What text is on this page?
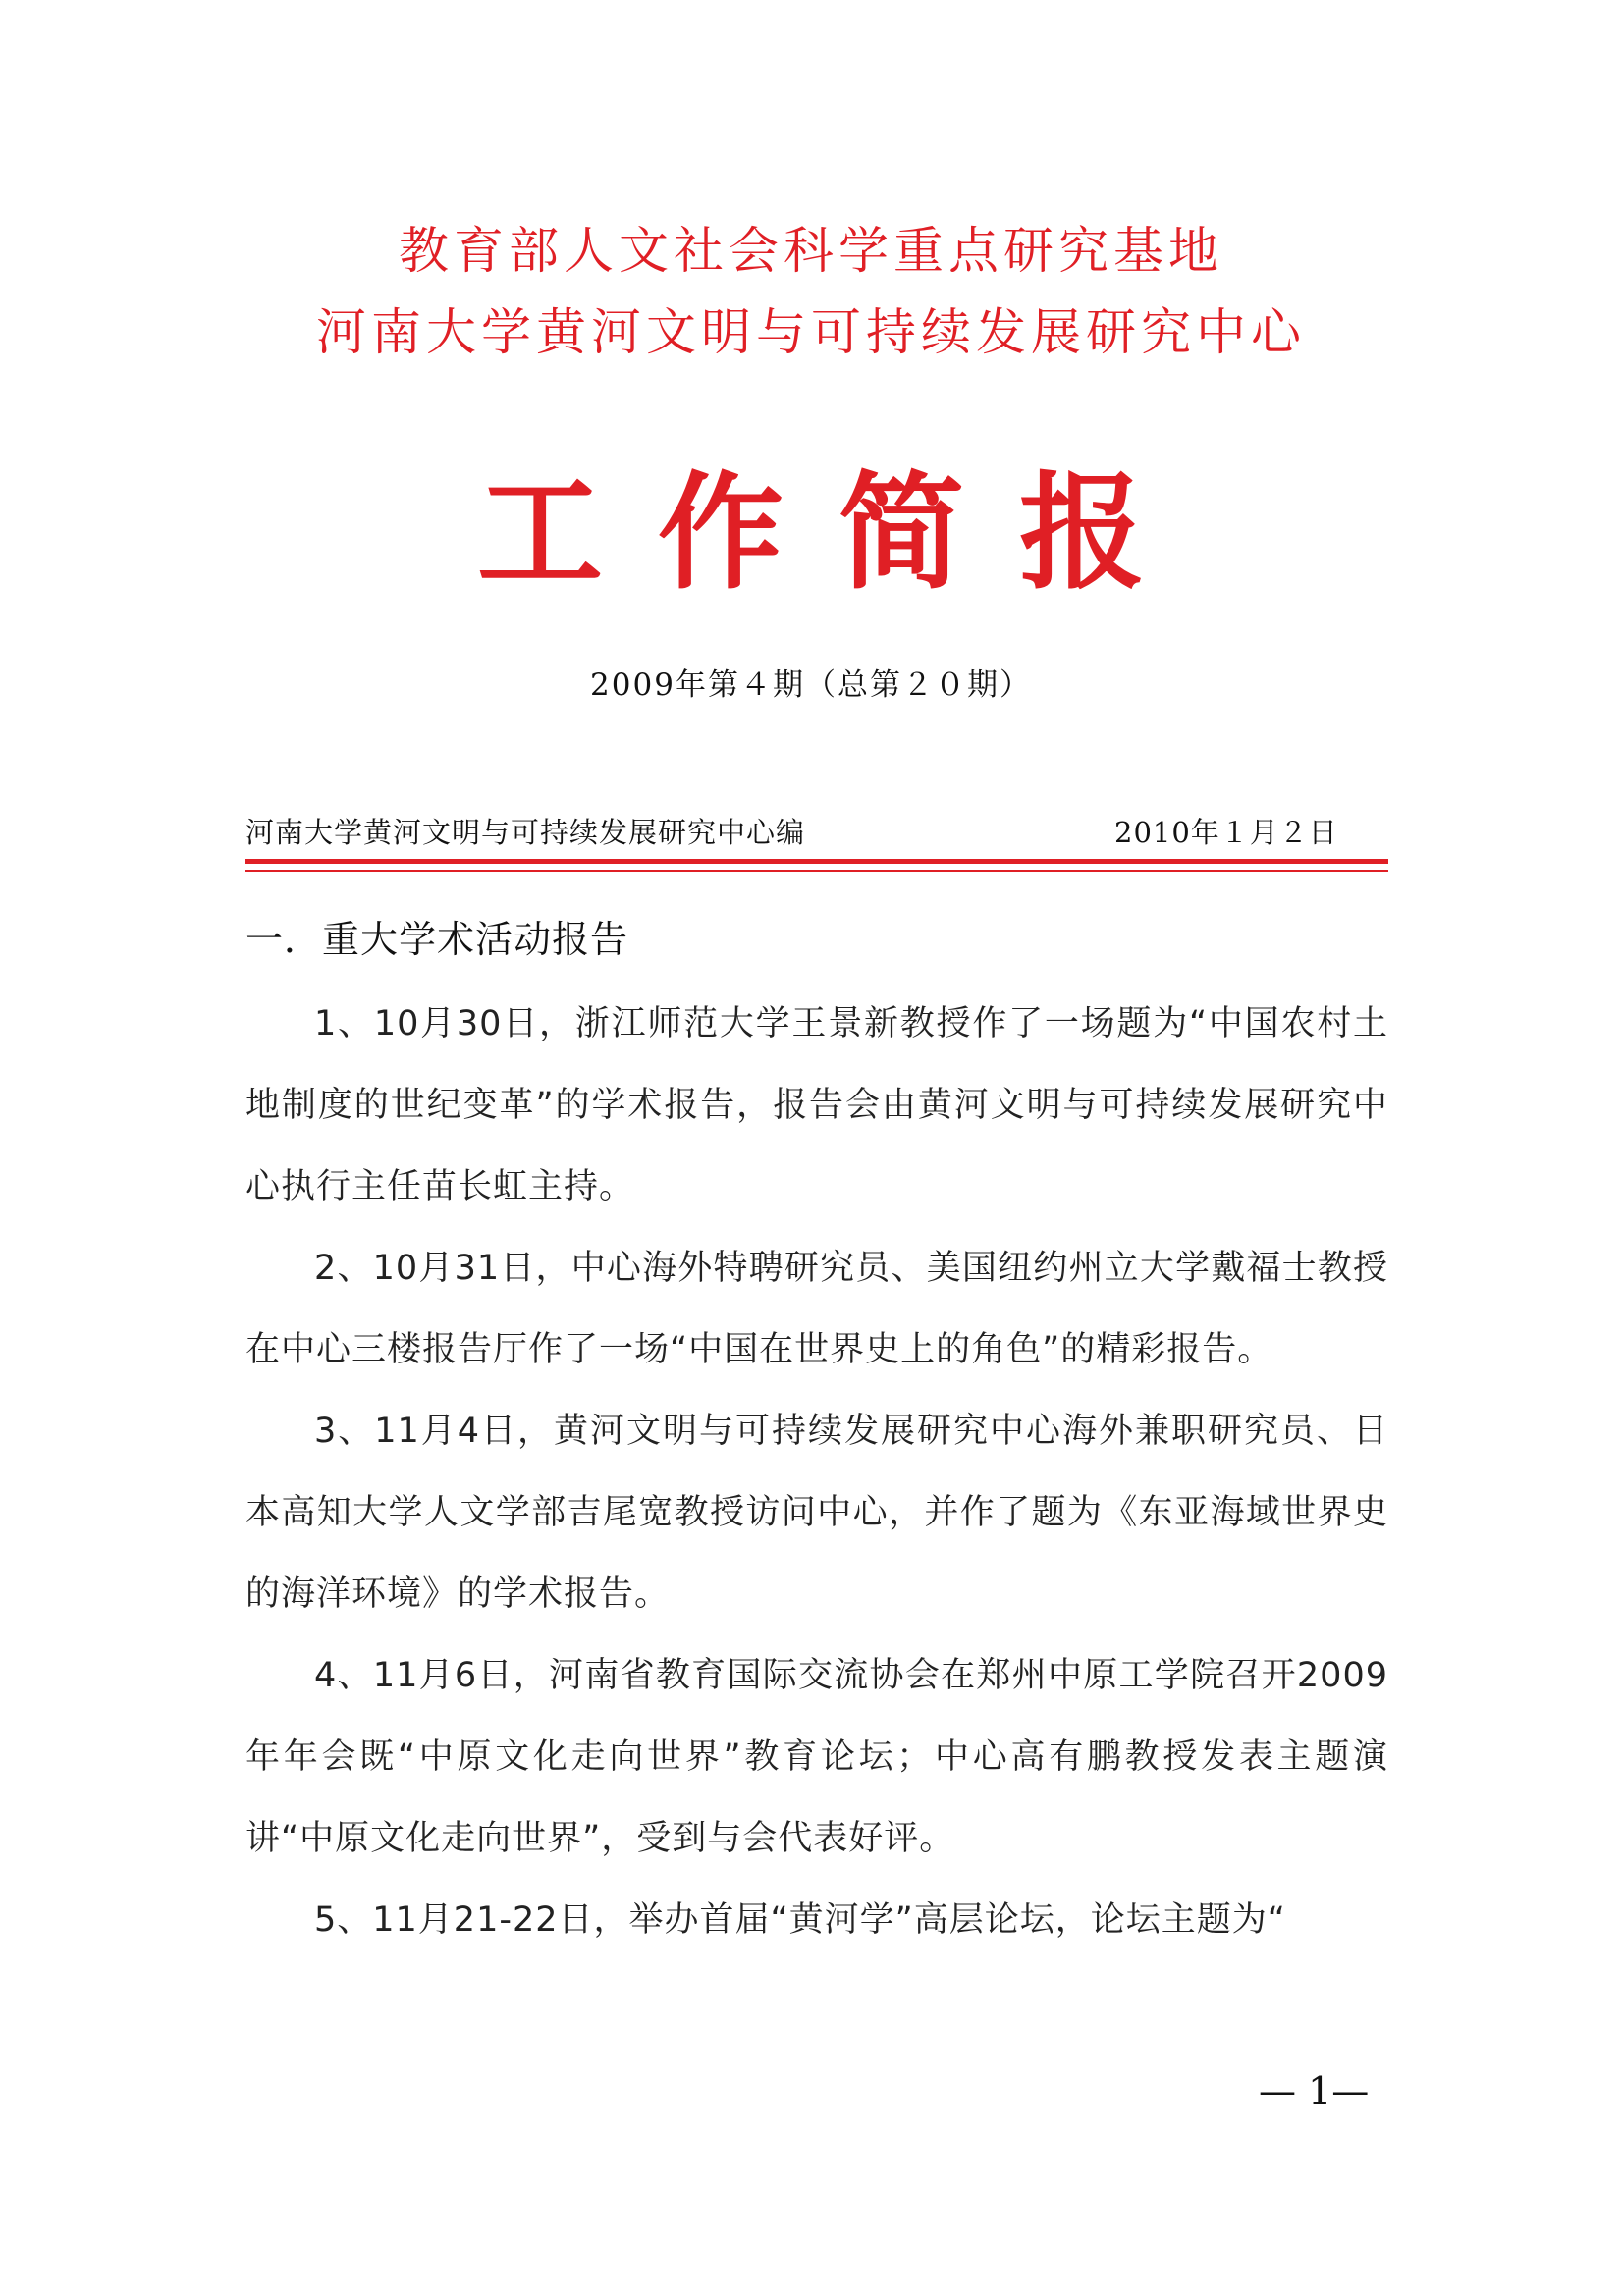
教育部人文社会科学重点研究基地
河南大学黄河文明与可持续发展研究中心
工作简报
2009年第４期（总第２０期）
河南大学黄河文明与可持续发展研究中心编	2010年１月２日
一．重大学术活动报告

1、10月30日，浙江师范大学王景新教授作了一场题为“中国农村土地制度的世纪变革”的学术报告，报告会由黄河文明与可持续发展研究中心执行主任苗长虹主持。

2、10月31日，中心海外特聘研究员、美国纽约州立大学戴福士教授在中心三楼报告厅作了一场“中国在世界史上的角色”的精彩报告。

3、11月4日，黄河文明与可持续发展研究中心海外兼职研究员、日本高知大学人文学部吉尾宽教授访问中心，并作了题为《东亚海域世界史的海洋环境》的学术报告。

4、11月6日，河南省教育国际交流协会在郑州中原工学院召开2009年年会既“中原文化走向世界”教育论坛；中心高有鹏教授发表主题演讲“中原文化走向世界”，受到与会代表好评。

5、11月21-22日，举办首届“黄河学”高层论坛，论坛主题为“

— 1—
